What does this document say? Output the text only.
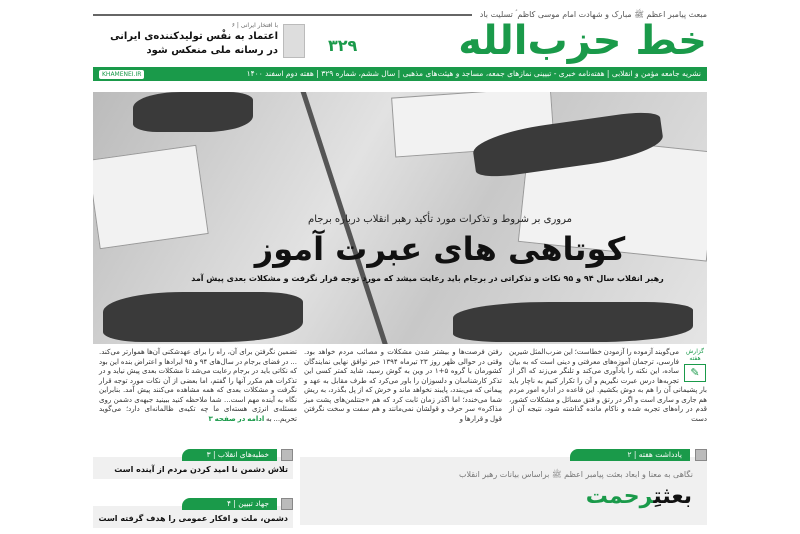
مبعث پیامبر اعظم ﷺ مبارک و شهادت امام موسی کاظم ؑ تسلیت باد
خط حزب‌الله
۳۲۹
با افتخار ایرانی | ۶
اعتماد به نفْس تولیدکننده‌ی ایرانی
در رسانه ملی منعکس شود
نشریه جامعه مؤمن و انقلابی | هفته‌نامه خبری - تبیینی نمازهای جمعه، مساجد و هیئت‌های مذهبی | سال ششم، شماره ۳۲۹ | هفته دوم اسفند ۱۴۰۰
KHAMENEI.IR
مروری بر شروط و تذکرات مورد تأکید رهبر انقلاب درباره برجام
کوتاهی های عبرت آموز
رهبر انقلاب سال ۹۴ و ۹۵ نکات و تذکراتی در برجام باید رعایت میشد که مورد توجه قرار نگرفت و مشکلات بعدی پیش آمد
گزارش هفته
✎
می‌گویند آزموده را آزمودن خطاست؛ این ضرب‌المثل شیرین فارسی، ترجمان آموزه‌های معرفتی و دینی است که به بیان ساده، این نکته را یادآوری می‌کند و تلنگر می‌زند که اگر از تجربه‌ها درس عبرت نگیریم و آن را تکرار کنیم به ناچار باید بار پشیمانی آن را هم به دوش بکشیم. این قاعده در اداره امور مردم هم جاری و ساری است و اگر در رتق و فتق مسائل و مشکلات کشور، قدم در راه‌های تجربه شده و ناکام مانده گذاشته شود، نتیجه آن از دست
رفتن فرصت‌ها و بیشتر شدن مشکلات و مصائب مردم خواهد بود. وقتی در حوالی ظهر روز ۲۳ تیرماه ۱۳۹۴ خبر توافق نهایی نمایندگان کشورمان با گروه ۵+۱ در وین به گوش رسید، شاید کمتر کسی این تذکر کارشناسان و دلسوزان را باور می‌کرد که طرف مقابل به عهد و پیمانی که می‌بندد، پایبند نخواهد ماند و خرش که از پل بگذرد، به ریش شما می‌خندد؛ اما اگذر زمان ثابت کرد که هم «جنتلمن‌های پشت میز مذاکره» سر حرف و قولشان نمی‌مانند و هم سفت و سخت نگرفتن قول و قرارها و
تضمین نگرفتن برای آن، راه را برای عهدشکنی آن‌ها هموارتر می‌کند. ... در فضای برجام در سال‌های ۹۴ و ۹۵ ایرادها و اعتراض بنده این بود که نکاتی باید در برجام رعایت می‌شد تا مشکلات بعدی پیش نیاید و در تذکرات هم مکرر آنها را گفتم، اما بعضی از آن نکات مورد توجه قرار نگرفت و مشکلات بعدی که همه مشاهده می‌کنند پیش آمد. بنابراین نگاه به آینده مهم است... شما ملاحظه کنید ببینید جبهه‌ی دشمن روی مسئله‌ی انرژی هسته‌ای ما چه تکیه‌ی ظالمانه‌ای دارد؛ می‌گوید تحریم... به ادامه در صفحه ۳
یادداشت هفته | ۲
نگاهی به معنا و ابعاد بعثت پیامبر اعظم ﷺ براساس بیانات رهبر انقلاب
بعثتِرحمت
خطبه‌های انقلاب | ۳
تلاش دشمن نا امید کردن مردم از آینده است
جهاد تبیین | ۴
دشمن، ملت و افکار عمومی را هدف گرفته است
